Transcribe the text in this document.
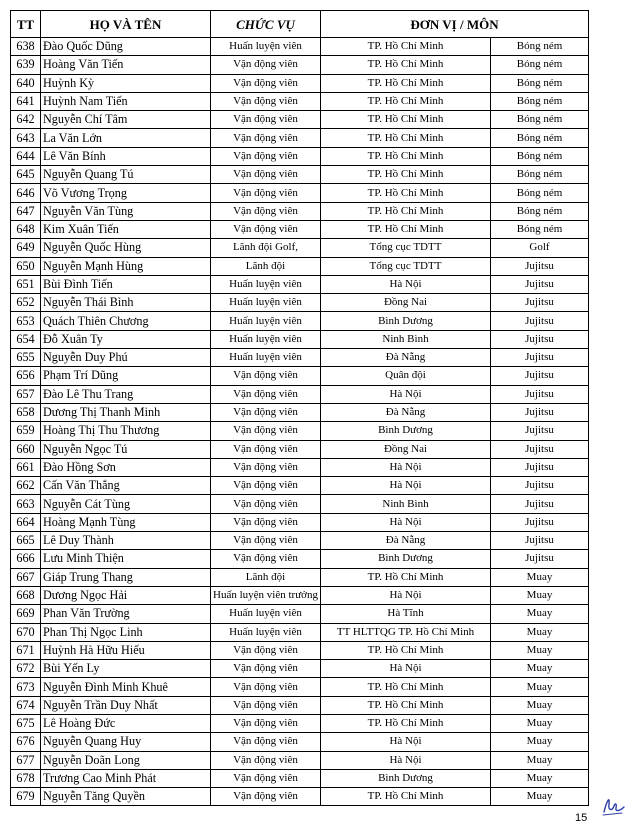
TT	HỌ VÀ TÊN	CHỨC VỤ	ĐƠN VỊ / MÔN	
638	Đào Quốc Dũng	Huấn luyện viên	TP. Hồ Chí Minh	Bóng ném
639	Hoàng Văn Tiến	Vận động viên	TP. Hồ Chí Minh	Bóng ném
640	Huỳnh Kỳ	Vận động viên	TP. Hồ Chí Minh	Bóng ném
641	Huỳnh Nam Tiến	Vận động viên	TP. Hồ Chí Minh	Bóng ném
642	Nguyễn Chí Tâm	Vận động viên	TP. Hồ Chí Minh	Bóng ném
643	La Văn Lớn	Vận động viên	TP. Hồ Chí Minh	Bóng ném
644	Lê Văn Bính	Vận động viên	TP. Hồ Chí Minh	Bóng ném
645	Nguyễn Quang Tú	Vận động viên	TP. Hồ Chí Minh	Bóng ném
646	Võ Vương Trọng	Vận động viên	TP. Hồ Chí Minh	Bóng ném
647	Nguyễn Văn Tùng	Vận động viên	TP. Hồ Chí Minh	Bóng ném
648	Kim Xuân Tiến	Vận động viên	TP. Hồ Chí Minh	Bóng ném
649	Nguyễn Quốc Hùng	Lãnh đội Golf,	Tổng cục TDTT	Golf
650	Nguyễn Mạnh Hùng	Lãnh đội	Tổng cục TDTT	Jujitsu
651	Bùi Đình Tiến	Huấn luyện viên	Hà Nội	Jujitsu
652	Nguyễn Thái Bình	Huấn luyện viên	Đồng Nai	Jujitsu
653	Quách Thiên Chương	Huấn luyện viên	Bình Dương	Jujitsu
654	Đỗ Xuân Ty	Huấn luyện viên	Ninh Bình	Jujitsu
655	Nguyễn Duy Phú	Huấn luyện viên	Đà Nẵng	Jujitsu
656	Phạm Trí Dũng	Vận động viên	Quân đội	Jujitsu
657	Đào Lê Thu Trang	Vận động viên	Hà Nội	Jujitsu
658	Dương Thị Thanh Minh	Vận động viên	Đà Nẵng	Jujitsu
659	Hoàng Thị Thu Thương	Vận động viên	Bình Dương	Jujitsu
660	Nguyễn Ngọc Tú	Vận động viên	Đồng Nai	Jujitsu
661	Đào Hồng Sơn	Vận động viên	Hà Nội	Jujitsu
662	Cấn Văn Thắng	Vận động viên	Hà Nội	Jujitsu
663	Nguyễn Cát Tùng	Vận động viên	Ninh Bình	Jujitsu
664	Hoàng Mạnh Tùng	Vận động viên	Hà Nội	Jujitsu
665	Lê Duy Thành	Vận động viên	Đà Nẵng	Jujitsu
666	Lưu Minh Thiện	Vận động viên	Bình Dương	Jujitsu
667	Giáp Trung Thang	Lãnh đội	TP. Hồ Chí Minh	Muay
668	Dương Ngọc Hải	Huấn luyện viên trưởng	Hà Nội	Muay
669	Phan Văn Trường	Huấn luyện viên	Hà Tĩnh	Muay
670	Phan Thị Ngọc Linh	Huấn luyện viên	TT HLTTQG TP. Hồ Chí Minh	Muay
671	Huỳnh Hà Hữu Hiếu	Vận động viên	TP. Hồ Chí Minh	Muay
672	Bùi Yến Ly	Vận động viên	Hà Nội	Muay
673	Nguyễn Đình Minh Khuê	Vận động viên	TP. Hồ Chí Minh	Muay
674	Nguyễn Trần Duy Nhất	Vận động viên	TP. Hồ Chí Minh	Muay
675	Lê Hoàng Đức	Vận động viên	TP. Hồ Chí Minh	Muay
676	Nguyễn Quang Huy	Vận động viên	Hà Nội	Muay
677	Nguyễn Doãn Long	Vận động viên	Hà Nội	Muay
678	Trương Cao Minh Phát	Vận động viên	Bình Dương	Muay
679	Nguyễn Tăng Quyền	Vận động viên	TP. Hồ Chí Minh	Muay
15
